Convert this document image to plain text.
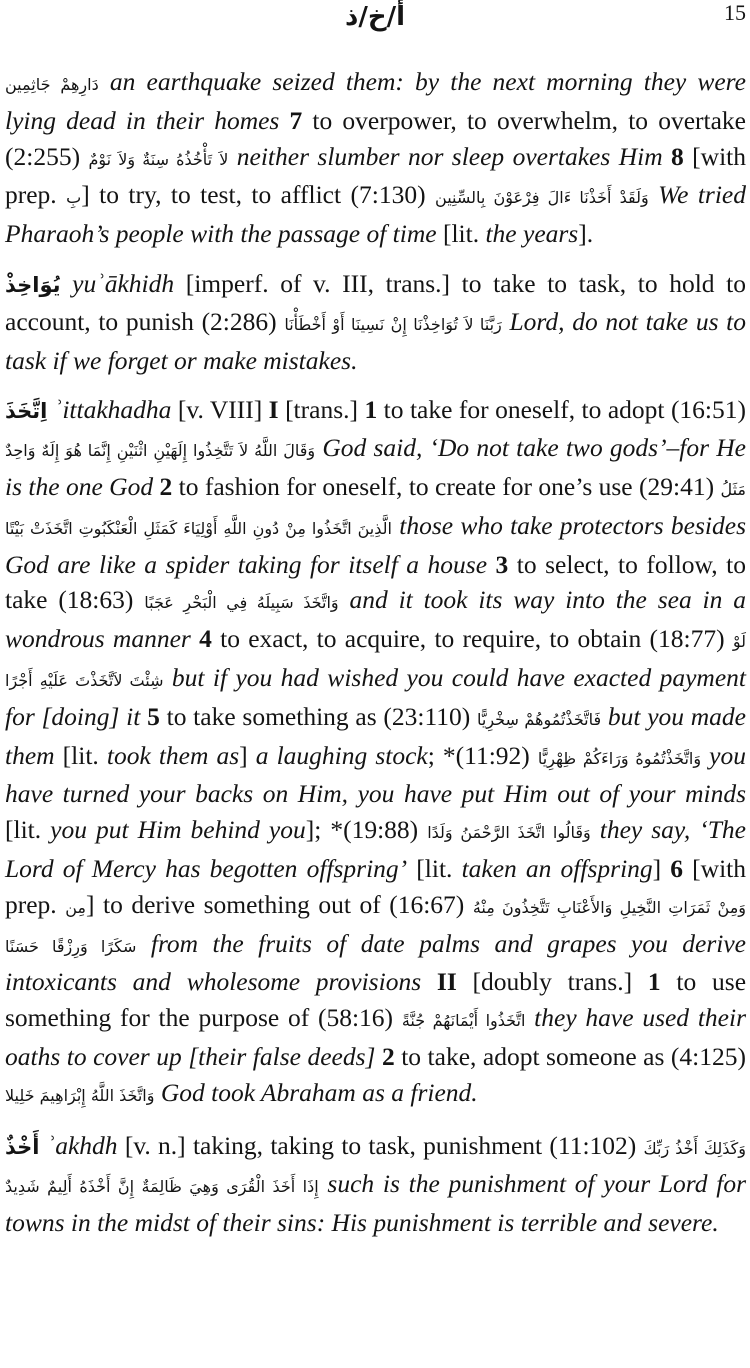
أ/خ/ذ	15

دَارِهِمْ جَاثِمِين an earthquake seized them: by the next morning they were lying dead in their homes 7 to overpower, to overwhelm, to overtake (2:255) لاَ تَأْخُذُهُ سِنَةٌ وَلاَ نَوْمٌ neither slumber nor sleep overtakes Him 8 [with prep. بِ] to try, to test, to afflict (7:130) وَلَقَدْ أَخَذْنَا ءَالَ فِرْعَوْنَ بِالسِّنِين We tried Pharaoh’s people with the passage of time [lit. the years].

يُوَاخِذْ yuʾākhidh [imperf. of v. III, trans.] to take to task, to hold to account, to punish (2:286) رَبَّنَا لاَ تُوَاخِذْنَا إِنْ نَسِينَا أَوْ أَخْطَأْنَا Lord, do not take us to task if we forget or make mistakes.

اِتَّخَذَ ʾittakhadha [v. VIII] I [trans.] 1 to take for oneself, to adopt (16:51) وَقَالَ اللَّهُ لاَ تَتَّخِذُوا إِلَهَيْنِ اثْنَيْنِ إِنَّمَا هُوَ إِلَهٌ وَاحِدٌ God said, ‘Do not take two gods’–for He is the one God 2 to fashion for oneself, to create for one’s use (29:41) مَثَلُ الَّذِينَ اتَّخَذُوا مِنْ دُونِ اللَّهِ أَوْلِيَاءَ كَمَثَلِ الْعَنْكَبُوتِ اتَّخَذَتْ بَيْتًا those who take protectors besides God are like a spider taking for itself a house 3 to select, to follow, to take (18:63) وَاتَّخَذَ سَبِيلَهُ فِي الْبَحْرِ عَجَبًا and it took its way into the sea in a wondrous manner 4 to exact, to acquire, to require, to obtain (18:77) لَوْ شِئْتَ لاَتَّخَذْتَ عَلَيْهِ أَجْرًا but if you had wished you could have exacted payment for [doing] it 5 to take something as (23:110) فَاتَّخَذْتُمُوهُمْ سِخْرِيًّا but you made them [lit. took them as] a laughing stock; *(11:92) وَاتَّخَذْتُمُوهُ وَرَاءَكُمْ ظِهْرِيًّا you have turned your backs on Him, you have put Him out of your minds [lit. you put Him behind you]; *(19:88) وَقَالُوا اتَّخَذَ الرَّحْمَنُ وَلَدًا they say, ‘The Lord of Mercy has begotten offspring’ [lit. taken an offspring] 6 [with prep. مِن] to derive something out of (16:67) وَمِنْ ثَمَرَاتِ النَّخِيلِ وَالأَعْنَابِ تَتَّخِذُونَ مِنْهُ سَكَرًا وَرِزْقًا حَسَنًا from the fruits of date palms and grapes you derive intoxicants and wholesome provisions II [doubly trans.] 1 to use something for the purpose of (58:16) اتَّخَذُوا أَيْمَانَهُمْ جُنَّةً they have used their oaths to cover up [their false deeds] 2 to take, adopt someone as (4:125) وَاتَّخَذَ اللَّهُ إِبْرَاهِيمَ خَلِيلا God took Abraham as a friend.

أَخْذٌ ʾakhdh [v. n.] taking, taking to task, punishment (11:102) وَكَذَلِكَ أَخْذُ رَبِّكَ إِذَا أَخَذَ الْقُرَى وَهِيَ ظَالِمَةٌ إِنَّ أَخْذَهُ أَلِيمٌ شَدِيدٌ such is the punishment of your Lord for towns in the midst of their sins: His punishment is terrible and severe.
